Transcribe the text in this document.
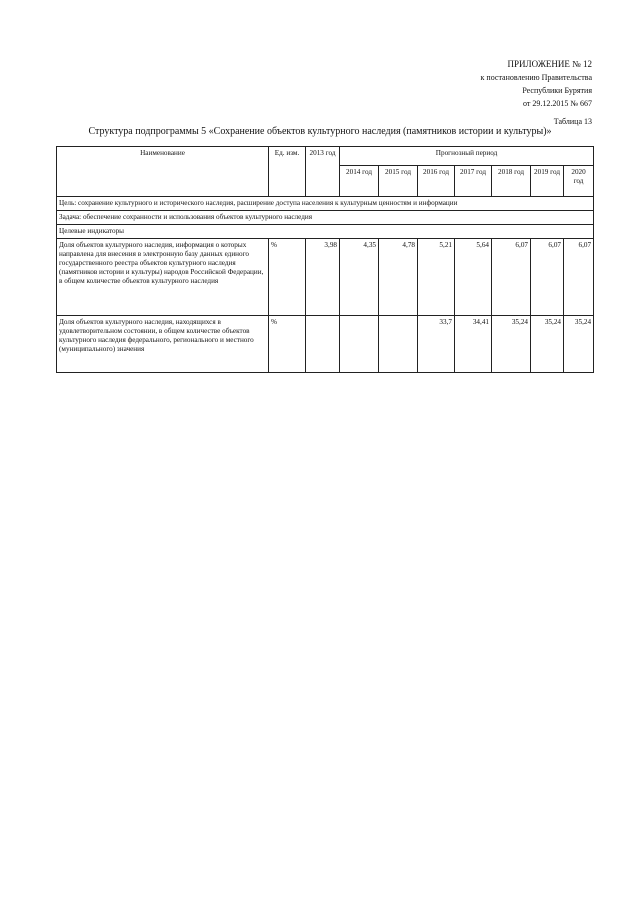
ПРИЛОЖЕНИЕ № 12
к постановлению Правительства
Республики Бурятия
от 29.12.2015 № 667
Таблица 13
Структура подпрограммы 5 «Сохранение объектов культурного наследия (памятников истории и культуры)»
Наименование	Ед. изм.	2013 год	Прогнозный период						
			2014 год	2015 год	2016 год	2017 год	2018 год	2019 год	2020 год
Цель: сохранение культурного и исторического наследия, расширение доступа населения к культурным ценностям и информации									
Задача: обеспечение сохранности и использования объектов культурного наследия									
Целевые индикаторы									
Доля объектов культурного наследия, информация о которых направлена для внесения в электронную базу данных единого государственного реестра объектов культурного наследия (памятников истории и культуры) народов Российской Федерации, в общем количестве объектов культурного наследия	%	3,98	4,35	4,78	5,21	5,64	6,07	6,07	6,07
Доля объектов культурного наследия, находящихся в удовлетворительном состоянии, в общем количестве объектов культурного наследия федерального, регионального и местного (муниципального) значения	%				33,7	34,41	35,24	35,24	35,24
